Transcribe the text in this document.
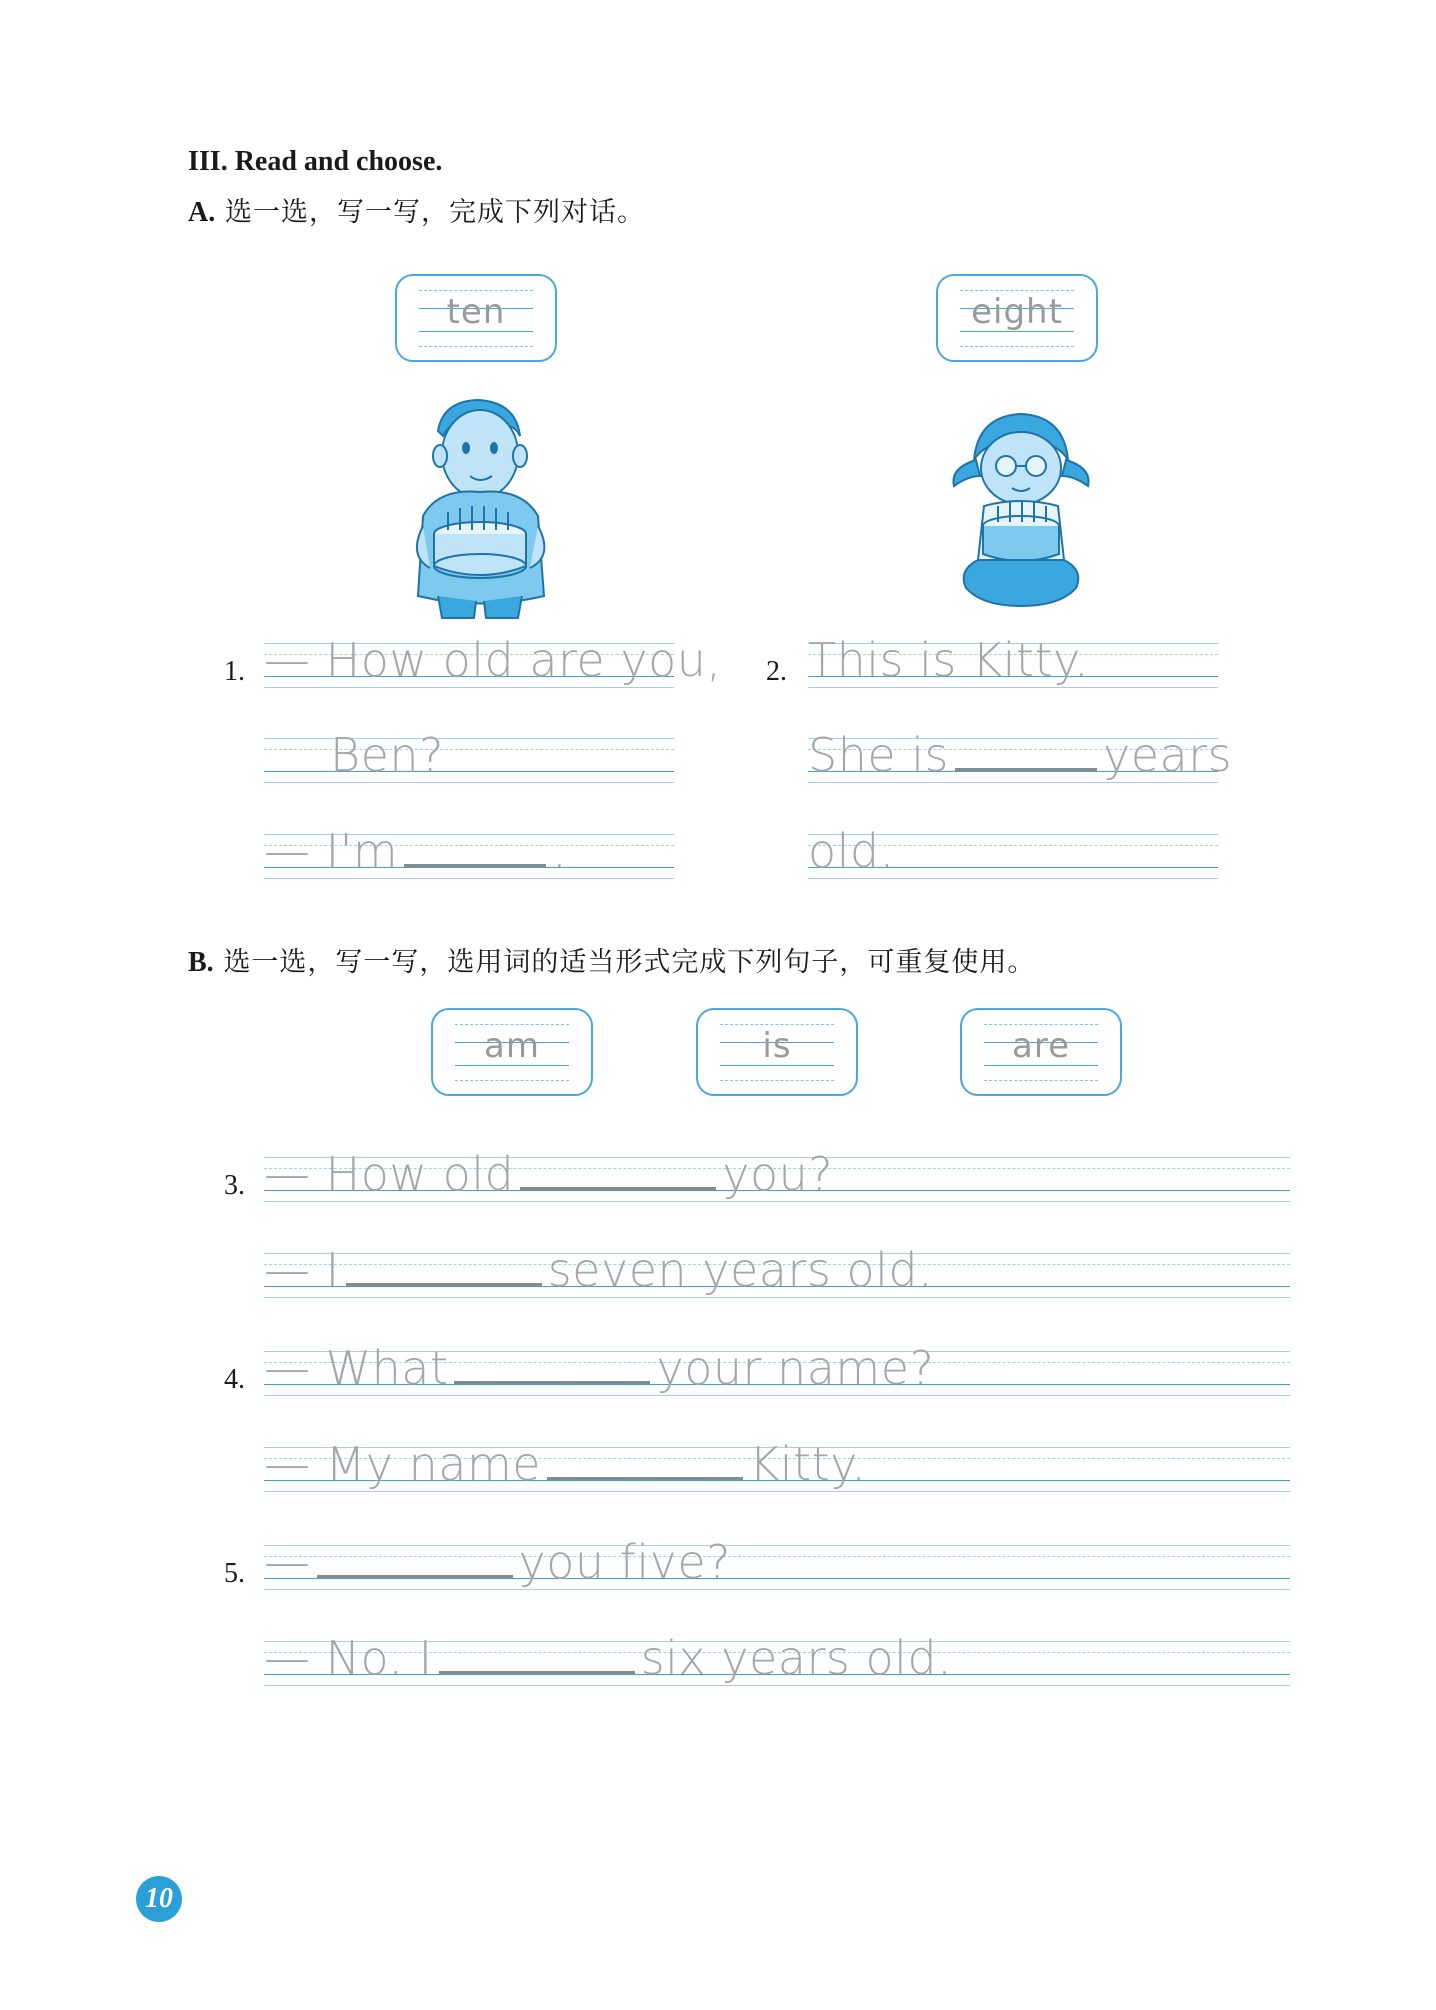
III. Read and choose.
A. 选一选，写一写，完成下列对话。
ten	eight
1. — How old are you,
Ben?
— I'm	.
2. This is Kitty.
She is	years
old.
B. 选一选，写一写，选用词的适当形式完成下列句子，可重复使用。
am	is	are
3. — How old	you?
— I	seven years old.
4. — What	your name?
— My name	Kitty.
5. —	you five?
— No. I	six years old.
10
